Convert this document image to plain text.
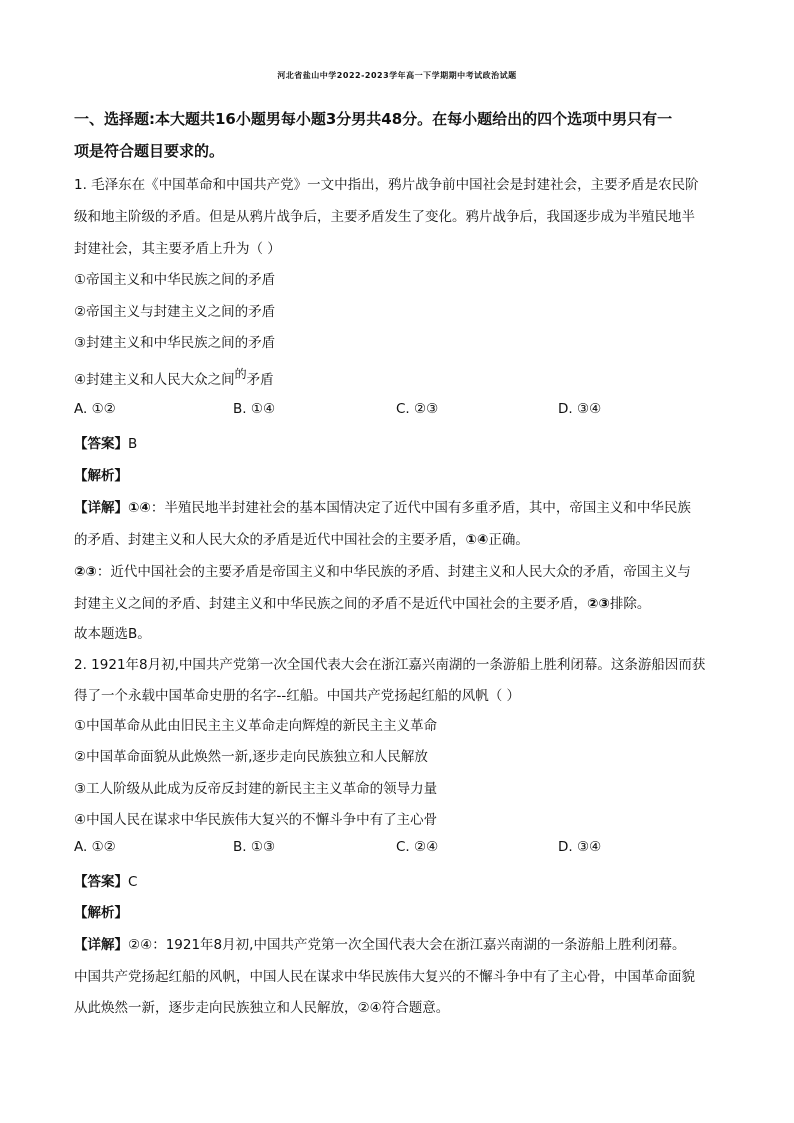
河北省盐山中学2022-2023学年高一下学期期中考试政治试题
一、选择题:本大题共16小题男每小题3分男共48分。在每小题给出的四个选项中男只有一
项是符合题目要求的。
1. 毛泽东在《中国革命和中国共产党》一文中指出，鸦片战争前中国社会是封建社会，主要矛盾是农民阶
级和地主阶级的矛盾。但是从鸦片战争后，主要矛盾发生了变化。鸦片战争后，我国逐步成为半殖民地半
封建社会，其主要矛盾上升为（ ）
①帝国主义和中华民族之间的矛盾
②帝国主义与封建主义之间的矛盾
③封建主义和中华民族之间的矛盾
④封建主义和人民大众之间的矛盾
A. ①②	B. ①④	C. ②③	D. ③④
【答案】B
【解析】
【详解】①④：半殖民地半封建社会的基本国情决定了近代中国有多重矛盾，其中，帝国主义和中华民族
的矛盾、封建主义和人民大众的矛盾是近代中国社会的主要矛盾，①④正确。
②③：近代中国社会的主要矛盾是帝国主义和中华民族的矛盾、封建主义和人民大众的矛盾，帝国主义与
封建主义之间的矛盾、封建主义和中华民族之间的矛盾不是近代中国社会的主要矛盾，②③排除。
故本题选B。
2. 1921年8月初,中国共产党第一次全国代表大会在浙江嘉兴南湖的一条游船上胜利闭幕。这条游船因而获
得了一个永载中国革命史册的名字--红船。中国共产党扬起红船的风帆（ ）
①中国革命从此由旧民主主义革命走向辉煌的新民主主义革命
②中国革命面貌从此焕然一新,逐步走向民族独立和人民解放
③工人阶级从此成为反帝反封建的新民主主义革命的领导力量
④中国人民在谋求中华民族伟大复兴的不懈斗争中有了主心骨
A. ①②	B. ①③	C. ②④	D. ③④
【答案】C
【解析】
【详解】②④：1921年8月初,中国共产党第一次全国代表大会在浙江嘉兴南湖的一条游船上胜利闭幕。
中国共产党扬起红船的风帆，中国人民在谋求中华民族伟大复兴的不懈斗争中有了主心骨，中国革命面貌
从此焕然一新，逐步走向民族独立和人民解放，②④符合题意。
